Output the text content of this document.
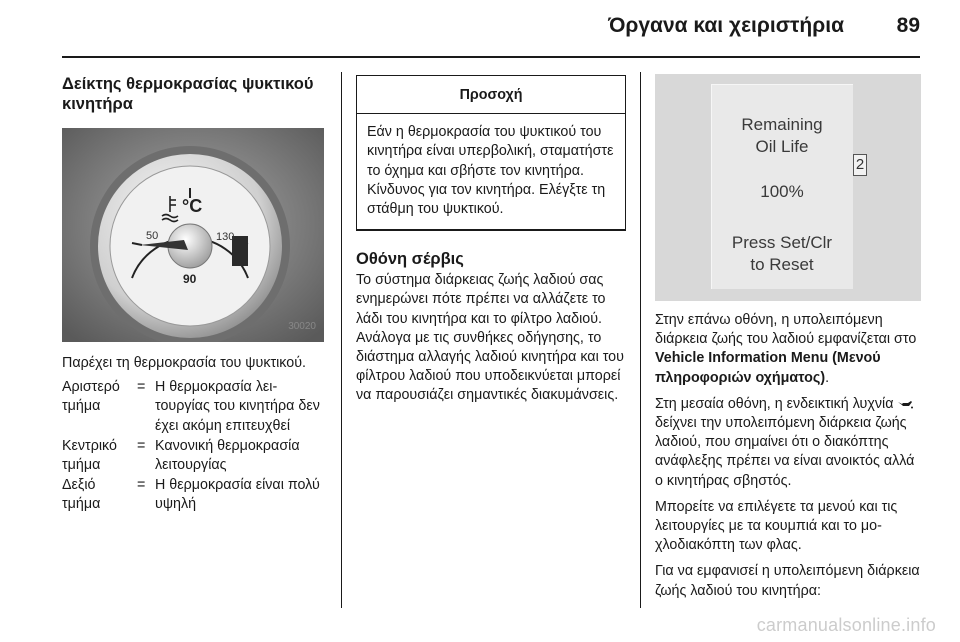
Όργανα και χειριστήρια	89
Δείκτης θερμοκρασίας ψυκτικού κινητήρα
°C
50
90
130
30020

Παρέχει τη θερμοκρασία του ψυκτικού.

Αριστερό τμήμα
= Η θερμοκρασία λειτουργίας του κινητήρα δεν έχει ακόμη επιτευχθεί
Κεντρικό τμήμα
= Κανονική θερμοκρασία λειτουργίας
Δεξιό τμήμα
= Η θερμοκρασία είναι πολύ υψηλή
Προσοχή
Εάν η θερμοκρασία του ψυκτικού του κινητήρα είναι υπερβολική, σταματήστε το όχημα και σβήστε τον κινητήρα. Κίνδυνος για τον κινητήρα. Ελέγξτε τη στάθμη του ψυκτικού.
Οθόνη σέρβις

Το σύστημα διάρκειας ζωής λαδιού σας ενημερώνει πότε πρέπει να αλλάζετε το λάδι του κινητήρα και το φίλτρο λαδιού. Ανάλογα με τις συνθήκες οδήγησης, το διάστημα αλλαγής λαδιού κινητήρα και του φίλτρου λαδιού που υποδεικνύεται μπορεί να παρουσιάζει σημαντικές διακυμάνσεις.

Remaining
Oil Life
100%
Press Set/Clr
to Reset
2

Στην επάνω οθόνη, η υπολειπόμενη διάρκεια ζωής του λαδιού εμφανίζεται στο Vehicle Information Menu (Μενού πληροφοριών οχήματος).

Στη μεσαία οθόνη, η ενδεικτική λυχνία  δείχνει την υπολειπόμενη διάρκεια ζωής λαδιού, που σημαίνει ότι ο διακόπτης ανάφλεξης πρέπει να είναι ανοικτός αλλά ο κινητήρας σβηστός.

Μπορείτε να επιλέγετε τα μενού και τις λειτουργίες με τα κουμπιά και το μοχλοδιακόπτη των φλας.

Για να εμφανισεί η υπολειπόμενη διάρκεια ζωής λαδιού του κινητήρα:

carmanualsonline.info
